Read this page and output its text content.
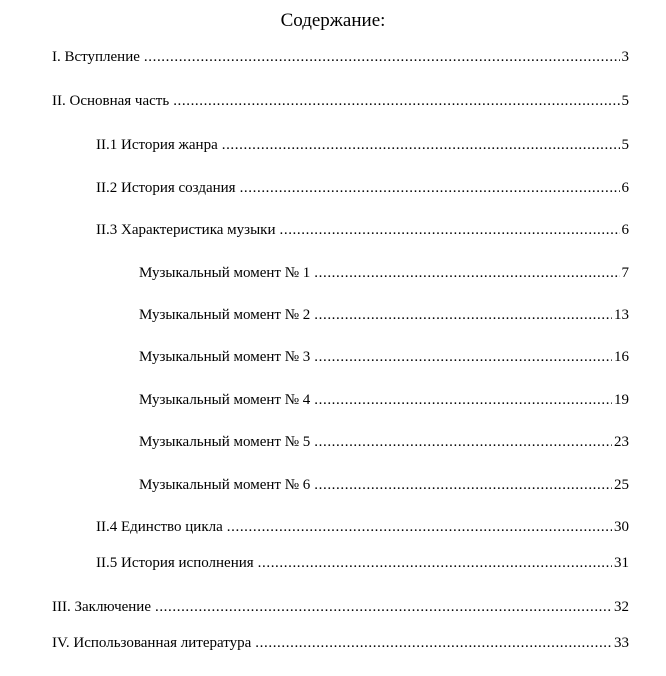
Содержание:
I. Вступление .....	3
II. Основная часть .....	5
II.1 История жанра .....	5
II.2 История создания .....	6
II.3 Характеристика музыки .....	6
Музыкальный момент № 1 .....	7
Музыкальный момент № 2 .....	13
Музыкальный момент № 3 .....	16
Музыкальный момент № 4 .....	19
Музыкальный момент № 5 .....	23
Музыкальный момент № 6 .....	25
II.4 Единство цикла .....	30
II.5 История исполнения .....	31
III. Заключение .....	32
IV. Использованная литература .....	33
